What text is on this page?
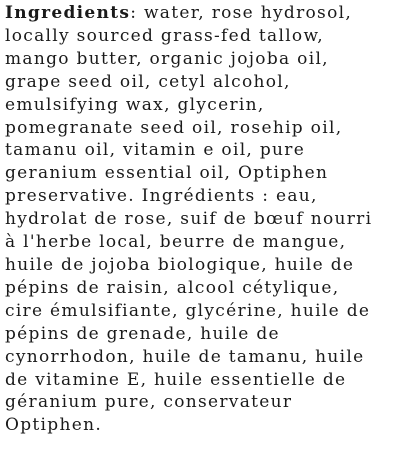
Ingredients: water, rose hydrosol,
locally sourced grass-fed tallow,
mango butter, organic jojoba oil,
grape seed oil, cetyl alcohol,
emulsifying wax, glycerin,
pomegranate seed oil, rosehip oil,
tamanu oil, vitamin e oil, pure
geranium essential oil, Optiphen
preservative. Ingrédients : eau,
hydrolat de rose, suif de bœuf nourri
à l'herbe local, beurre de mangue,
huile de jojoba biologique, huile de
pépins de raisin, alcool cétylique,
cire émulsifiante, glycérine, huile de
pépins de grenade, huile de
cynorrhodon, huile de tamanu, huile
de vitamine E, huile essentielle de
géranium pure, conservateur
Optiphen.
